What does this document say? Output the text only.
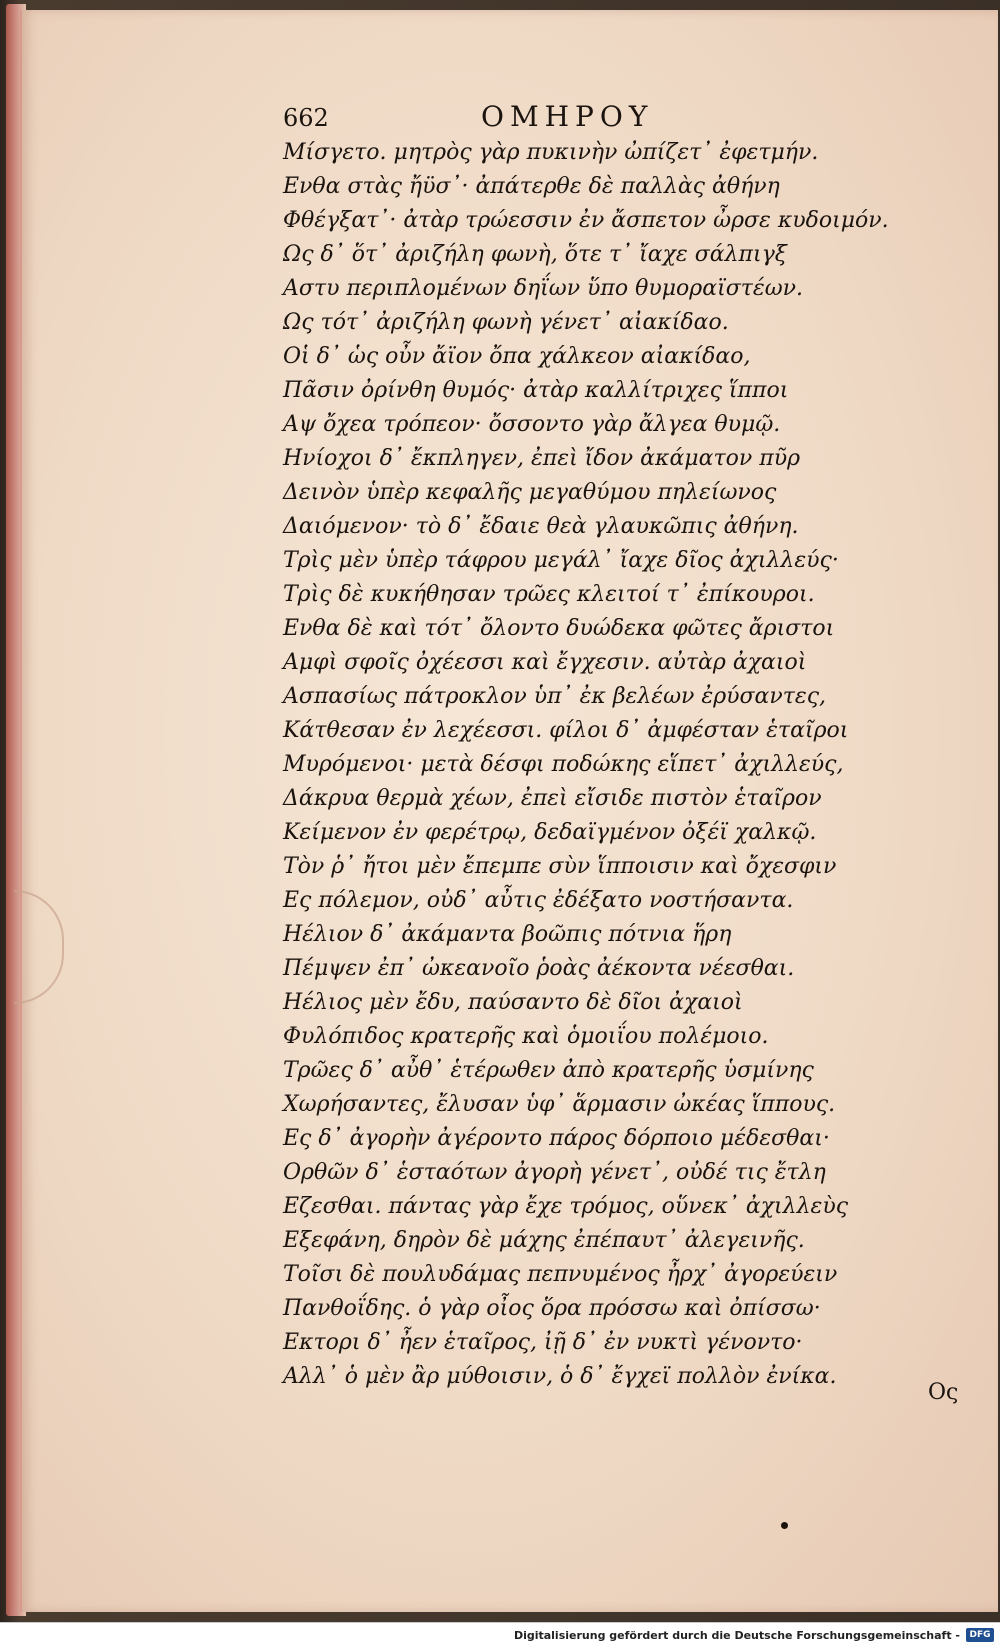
662	ΟΜΗΡΟΥ
Μίσγετο. μητρὸς γὰρ πυκινὴν ὠπίζετ᾽ ἐφετμήν.
Ενθα στὰς ἤϋσ᾽· ἀπάτερθε δὲ παλλὰς ἀθήνη
Φθέγξατ᾽· ἀτὰρ τρώεσσιν ἐν ἄσπετον ὦρσε κυδοιμόν.
Ως δ᾽ ὅτ᾽ ἀριζήλη φωνὴ, ὅτε τ᾽ ἴαχε σάλπιγξ
Αστυ περιπλομένων δηΐων ὕπο θυμοραϊστέων.
Ως τότ᾽ ἀριζήλη φωνὴ γένετ᾽ αἰακίδαο.
Οἱ δ᾽ ὡς οὖν ἄϊον ὄπα χάλκεον αἰακίδαο,
Πᾶσιν ὀρίνθη θυμός· ἀτὰρ καλλίτριχες ἵπποι
Αψ ὄχεα τρόπεον· ὄσσοντο γὰρ ἄλγεα θυμῷ.
Ηνίοχοι δ᾽ ἔκπληγεν, ἐπεὶ ἴδον ἀκάματον πῦρ
Δεινὸν ὑπὲρ κεφαλῆς μεγαθύμου πηλείωνος
Δαιόμενον· τὸ δ᾽ ἔδαιε θεὰ γλαυκῶπις ἀθήνη.
Τρὶς μὲν ὑπὲρ τάφρου μεγάλ᾽ ἴαχε δῖος ἀχιλλεύς·
Τρὶς δὲ κυκήθησαν τρῶες κλειτοί τ᾽ ἐπίκουροι.
Ενθα δὲ καὶ τότ᾽ ὄλοντο δυώδεκα φῶτες ἄριστοι
Αμφὶ σφοῖς ὀχέεσσι καὶ ἔγχεσιν. αὐτὰρ ἀχαιοὶ
Ασπασίως πάτροκλον ὑπ᾽ ἐκ βελέων ἐρύσαντες,
Κάτθεσαν ἐν λεχέεσσι. φίλοι δ᾽ ἀμφέσταν ἑταῖροι
Μυρόμενοι· μετὰ δέσφι ποδώκης εἵπετ᾽ ἀχιλλεύς,
Δάκρυα θερμὰ χέων, ἐπεὶ εἴσιδε πιστὸν ἑταῖρον
Κείμενον ἐν φερέτρῳ, δεδαϊγμένον ὀξέϊ χαλκῷ.
Τὸν ῥ᾽ ἤτοι μὲν ἔπεμπε σὺν ἵπποισιν καὶ ὄχεσφιν
Ες πόλεμον, οὐδ᾽ αὖτις ἐδέξατο νοστήσαντα.
Ηέλιον δ᾽ ἀκάμαντα βοῶπις πότνια ἥρη
Πέμψεν ἐπ᾽ ὠκεανοῖο ῥοὰς ἀέκοντα νέεσθαι.
Ηέλιος μὲν ἔδυ, παύσαντο δὲ δῖοι ἀχαιοὶ
Φυλόπιδος κρατερῆς καὶ ὁμοιΐου πολέμοιο.
Τρῶες δ᾽ αὖθ᾽ ἑτέρωθεν ἀπὸ κρατερῆς ὑσμίνης
Χωρήσαντες, ἔλυσαν ὑφ᾽ ἅρμασιν ὠκέας ἵππους.
Ες δ᾽ ἀγορὴν ἀγέροντο πάρος δόρποιο μέδεσθαι·
Ορθῶν δ᾽ ἑσταότων ἀγορὴ γένετ᾽, οὐδέ τις ἔτλη
Εζεσθαι. πάντας γὰρ ἔχε τρόμος, οὕνεκ᾽ ἀχιλλεὺς
Εξεφάνη, δηρὸν δὲ μάχης ἐπέπαυτ᾽ ἀλεγεινῆς.
Τοῖσι δὲ πουλυδάμας πεπνυμένος ἦρχ᾽ ἀγορεύειν
Πανθοΐδης. ὁ γὰρ οἶος ὅρα πρόσσω καὶ ὀπίσσω·
Εκτορι δ᾽ ἦεν ἑταῖρος, ἰῇ δ᾽ ἐν νυκτὶ γένοντο·
Αλλ᾽ ὁ μὲν ἂρ μύθοισιν, ὁ δ᾽ ἔγχεϊ πολλὸν ἐνίκα.
Ος
Digitalisierung gefördert durch die Deutsche Forschungsgemeinschaft -	DFG
